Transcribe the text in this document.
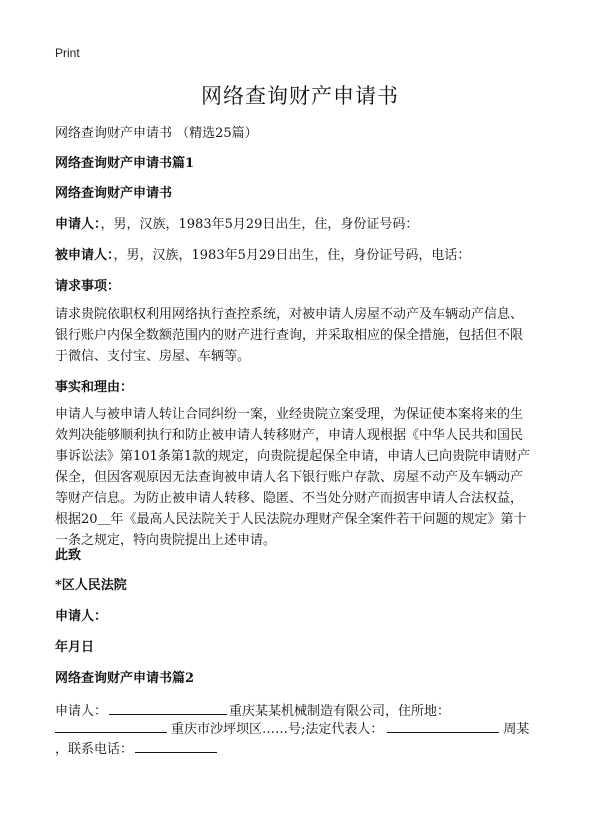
Print
网络查询财产申请书
网络查询财产申请书 （精选25篇）
网络查询财产申请书篇1
网络查询财产申请书
申请人：，男，汉族，1983年5月29日出生，住，身份证号码：
被申请人：，男，汉族，1983年5月29日出生，住，身份证号码，电话：
请求事项：
请求贵院依职权利用网络执行查控系统，对被申请人房屋不动产及车辆动产信息、
银行账户内保全数额范围内的财产进行查询，并采取相应的保全措施，包括但不限
于微信、支付宝、房屋、车辆等。
事实和理由：
申请人与被申请人转让合同纠纷一案，业经贵院立案受理，为保证使本案将来的生
效判决能够顺利执行和防止被申请人转移财产，申请人现根据《中华人民共和国民
事诉讼法》第101条第1款的规定，向贵院提起保全申请，申请人已向贵院申请财产
保全，但因客观原因无法查询被申请人名下银行账户存款、房屋不动产及车辆动产
等财产信息。为防止被申请人转移、隐匿、不当处分财产而损害申请人合法权益，
根据20＿年《最高人民法院关于人民法院办理财产保全案件若干问题的规定》第十
一条之规定，特向贵院提出上述申请。
此致
*区人民法院
申请人：
年月日
网络查询财产申请书篇2
申请人：	重庆某某机械制造有限公司，住所地：
重庆市沙坪坝区……号;法定代表人：	周某
，联系电话：
